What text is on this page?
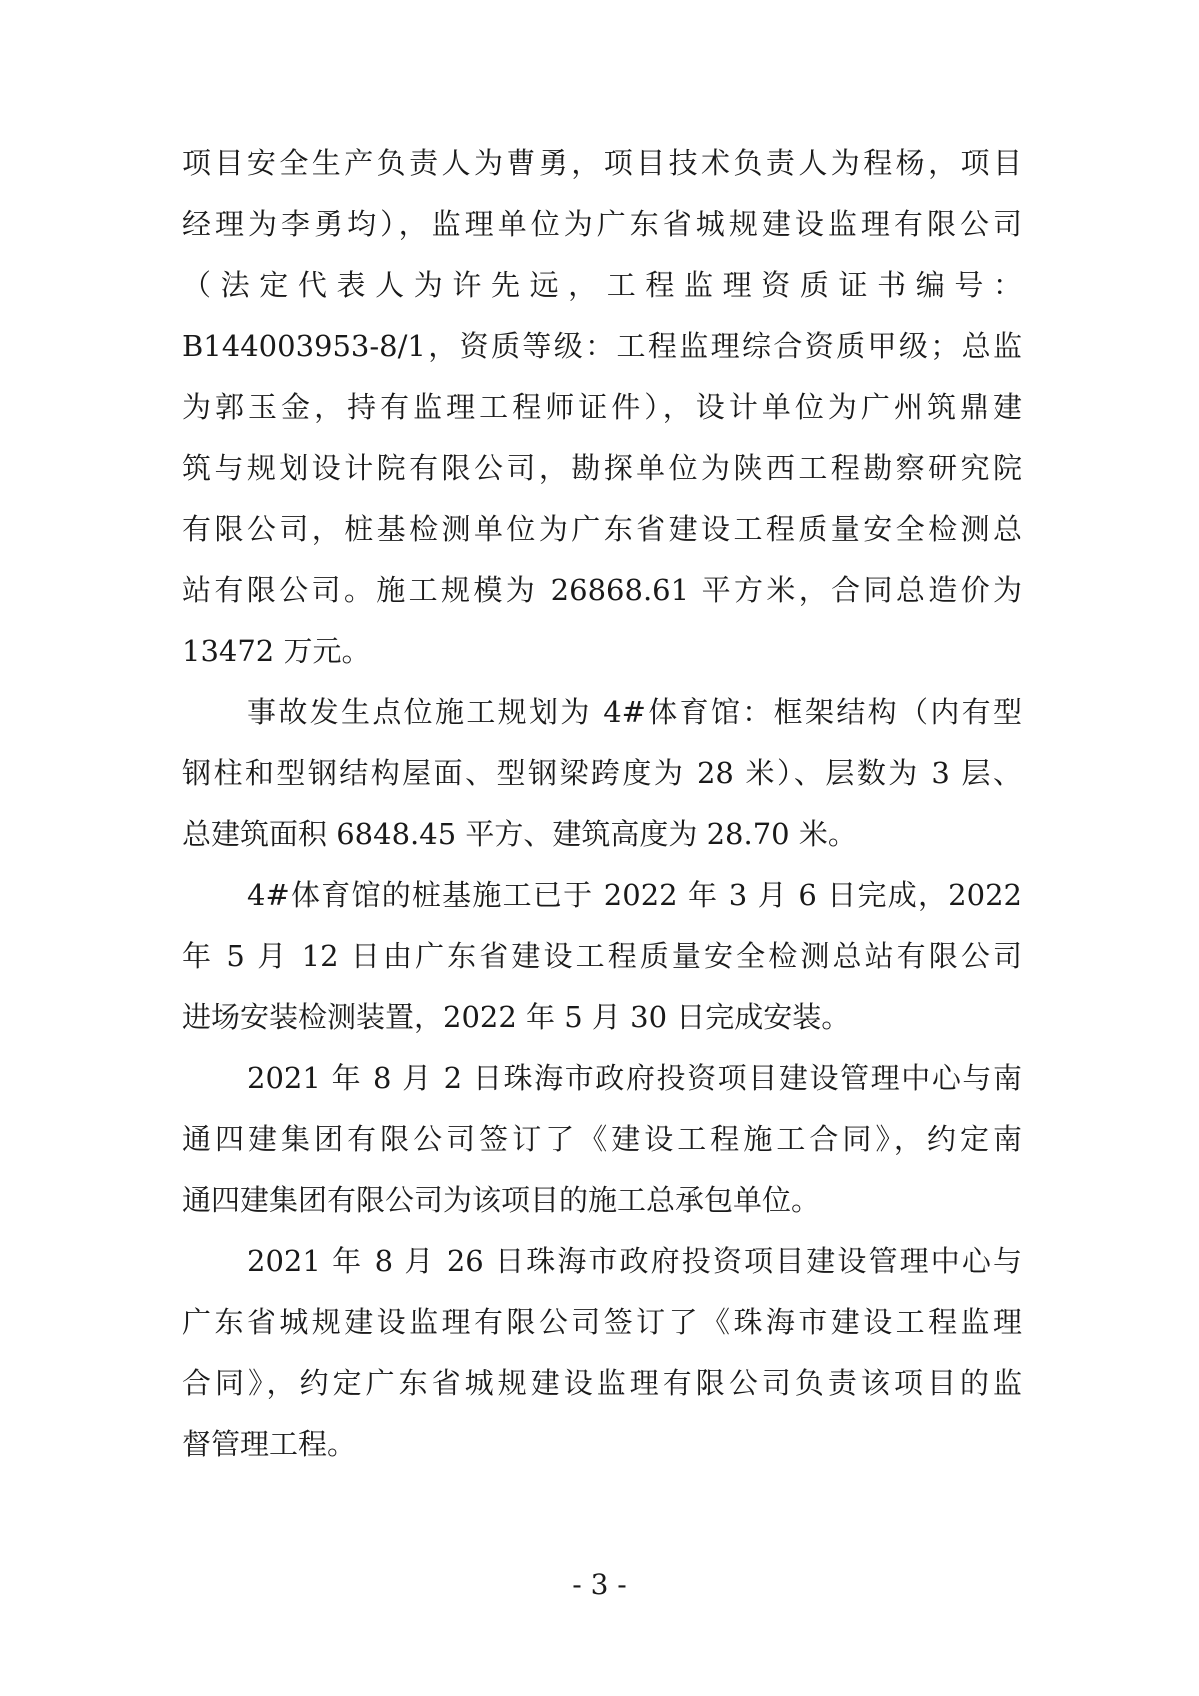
项目安全生产负责人为曹勇，项目技术负责人为程杨，项目
经理为李勇均），监理单位为广东省城规建设监理有限公司
（法定代表人为许先远，工程监理资质证书编号：
B144003953-8/1，资质等级：工程监理综合资质甲级；总监
为郭玉金，持有监理工程师证件），设计单位为广州筑鼎建
筑与规划设计院有限公司，勘探单位为陕西工程勘察研究院
有限公司，桩基检测单位为广东省建设工程质量安全检测总
站有限公司。施工规模为 26868.61 平方米，合同总造价为
13472 万元。
事故发生点位施工规划为 4#体育馆：框架结构（内有型
钢柱和型钢结构屋面、型钢梁跨度为 28 米）、层数为 3 层、
总建筑面积 6848.45 平方、建筑高度为 28.70 米。
4#体育馆的桩基施工已于 2022 年 3 月 6 日完成，2022
年 5 月 12 日由广东省建设工程质量安全检测总站有限公司
进场安装检测装置，2022 年 5 月 30 日完成安装。
2021 年 8 月 2 日珠海市政府投资项目建设管理中心与南
通四建集团有限公司签订了《建设工程施工合同》，约定南
通四建集团有限公司为该项目的施工总承包单位。
2021 年 8 月 26 日珠海市政府投资项目建设管理中心与
广东省城规建设监理有限公司签订了《珠海市建设工程监理
合同》，约定广东省城规建设监理有限公司负责该项目的监
督管理工程。
- 3 -
